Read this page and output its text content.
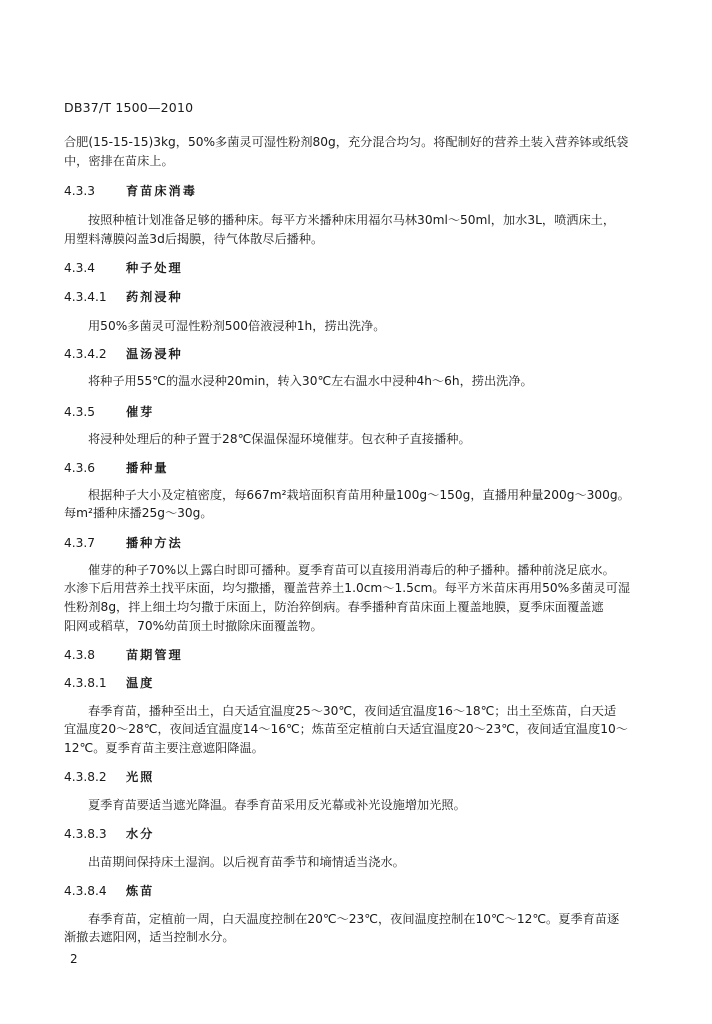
DB37/T 1500—2010
合肥(15-15-15)3kg，50%多菌灵可湿性粉剂80g，充分混合均匀。将配制好的营养土装入营养钵或纸袋
中，密排在苗床上。
4.3.3	育苗床消毒
按照种植计划准备足够的播种床。每平方米播种床用福尔马林30ml～50ml，加水3L，喷洒床土，
用塑料薄膜闷盖3d后揭膜，待气体散尽后播种。
4.3.4	种子处理
4.3.4.1 药剂浸种
用50%多菌灵可湿性粉剂500倍液浸种1h，捞出洗净。
4.3.4.2 温汤浸种
将种子用55℃的温水浸种20min，转入30℃左右温水中浸种4h～6h，捞出洗净。
4.3.5	催芽
将浸种处理后的种子置于28℃保温保湿环境催芽。包衣种子直接播种。
4.3.6	播种量
根据种子大小及定植密度，每667m²栽培面积育苗用种量100g～150g，直播用种量200g～300g。
每m²播种床播25g～30g。
4.3.7	播种方法
催芽的种子70%以上露白时即可播种。夏季育苗可以直接用消毒后的种子播种。播种前浇足底水。
水渗下后用营养土找平床面，均匀撒播，覆盖营养土1.0cm～1.5cm。每平方米苗床再用50%多菌灵可湿
性粉剂8g，拌上细土均匀撒于床面上，防治猝倒病。春季播种育苗床面上覆盖地膜，夏季床面覆盖遮
阳网或稻草，70%幼苗顶土时撤除床面覆盖物。
4.3.8	苗期管理
4.3.8.1 温度
春季育苗，播种至出土，白天适宜温度25～30℃，夜间适宜温度16～18℃；出土至炼苗，白天适
宜温度20～28℃，夜间适宜温度14～16℃；炼苗至定植前白天适宜温度20～23℃，夜间适宜温度10～
12℃。夏季育苗主要注意遮阳降温。
4.3.8.2 光照
夏季育苗要适当遮光降温。春季育苗采用反光幕或补光设施增加光照。
4.3.8.3 水分
出苗期间保持床土湿润。以后视育苗季节和墒情适当浇水。
4.3.8.4 炼苗
春季育苗，定植前一周，白天温度控制在20℃～23℃，夜间温度控制在10℃～12℃。夏季育苗逐
渐撤去遮阳网，适当控制水分。
2
